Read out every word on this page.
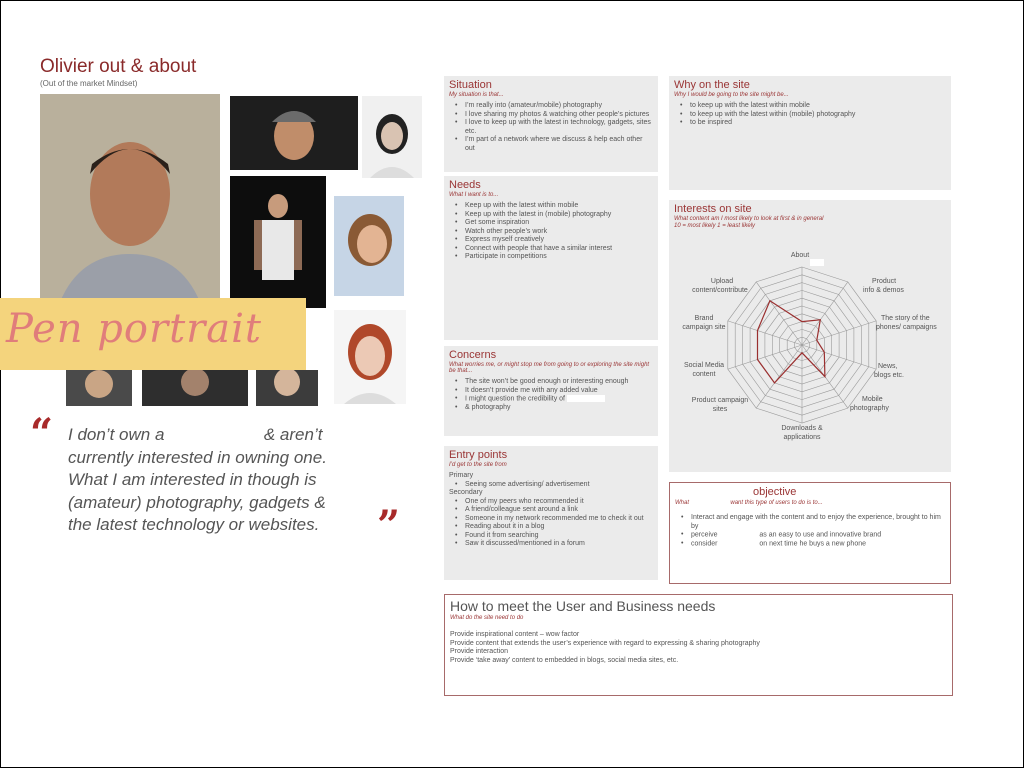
Olivier out & about
(Out of the market Mindset)
Pen portrait
“ I don’t own a	& aren’t
currently interested in owning one.
What I am interested in though is
(amateur) photography, gadgets &
the latest technology or websites.	”
Situation
My situation is that...
• I’m really into (amateur/mobile) photography
• I love sharing my photos & watching other people’s pictures
• I love to keep up with the latest in technology, gadgets, sites etc.
• I’m part of a network where we discuss & help each other out
Needs
What I want is to...
• Keep up with the latest within mobile
• Keep up with the latest in (mobile) photography
• Get some inspiration
• Watch other people’s work
• Express myself creatively
• Connect with people that have a similar interest
• Participate in competitions
Concerns
What worries me, or might stop me from going to or exploring the site might be that...
• The site won’t be good enough or interesting enough
• It doesn’t provide me with any added value
• I might question the credibility of
• & photography
Entry points
I’d get to the site from
Primary
• Seeing some advertising/ advertisement
Secondary
• One of my peers who recommended it
• A friend/colleague sent around a link
• Someone in my network recommended me to check it out
• Reading about it in a blog
• Found it from searching
• Saw it discussed/mentioned in a forum
Why on the site
Why I would be going to the site might be...
• to keep up with the latest within mobile
• to keep up with the latest within (mobile) photography
• to be inspired
Interests on site
What content am I most likely to look at first & in general
10 = most likely 1 = least likely
About
Product
info & demos
The story of the
phones/ campaigns
News,
blogs etc.
Mobile
photography
Downloads &
applications
Product campaign
sites
Social Media
content
Brand
campaign site
Upload
content/contribute
objective
What	want this type of users to do is to...
• Interact and engage with the content and to enjoy the experience, brought to him by
• perceive	as an easy to use and innovative brand
• consider	on next time he buys a new phone
How to meet the User and Business needs
What do the site need to do

Provide inspirational content – wow factor

Provide content that extends the user’s experience with regard to expressing & sharing photography

Provide interaction

Provide ‘take away’ content to embedded in blogs, social media sites, etc.
